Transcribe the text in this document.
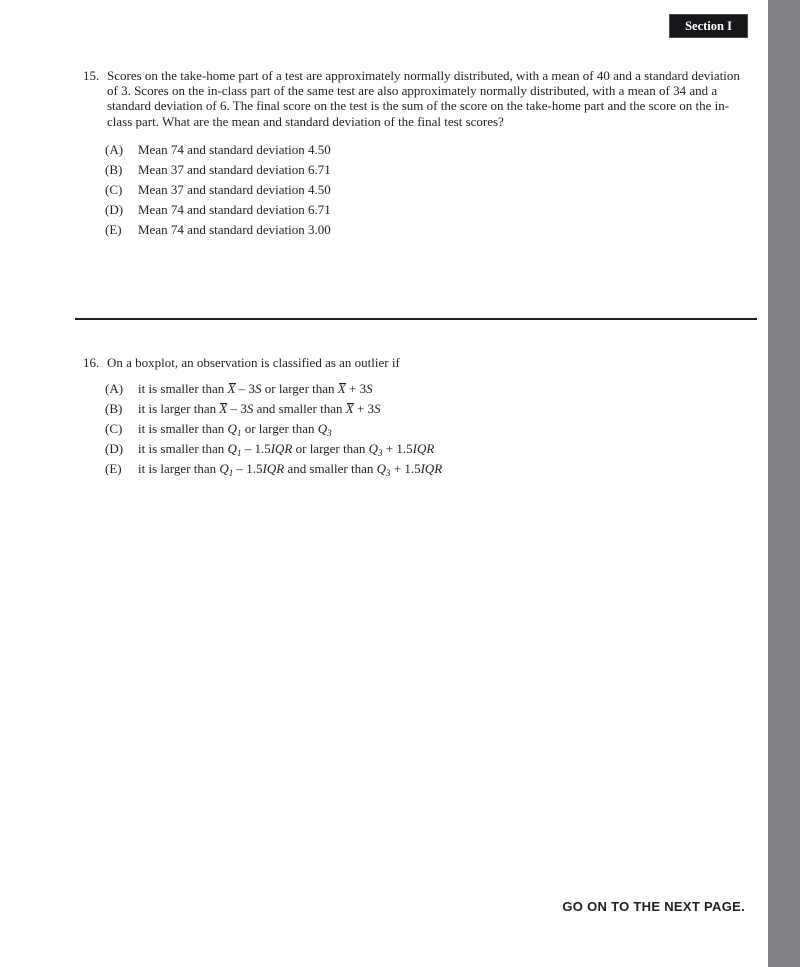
Section I
15. Scores on the take-home part of a test are approximately normally distributed, with a mean of 40 and a standard deviation of 3. Scores on the in-class part of the same test are also approximately normally distributed, with a mean of 34 and a standard deviation of 6. The final score on the test is the sum of the score on the take-home part and the score on the in-class part. What are the mean and standard deviation of the final test scores?
(A)	Mean 74 and standard deviation 4.50
(B)	Mean 37 and standard deviation 6.71
(C)	Mean 37 and standard deviation 4.50
(D)	Mean 74 and standard deviation 6.71
(E)	Mean 74 and standard deviation 3.00
16. On a boxplot, an observation is classified as an outlier if
(A)	it is smaller than X – 3S or larger than X + 3S
(B)	it is larger than X – 3S and smaller than X + 3S
(C)	it is smaller than $Q_1$ or larger than $Q_3$
(D)	it is smaller than $Q_1 - 1.5IQR$ or larger than $Q_3 + 1.5IQR$
(E)	it is larger than $Q_1 - 1.5IQR$ and smaller than $Q_3 + 1.5IQR$
GO ON TO THE NEXT PAGE.
